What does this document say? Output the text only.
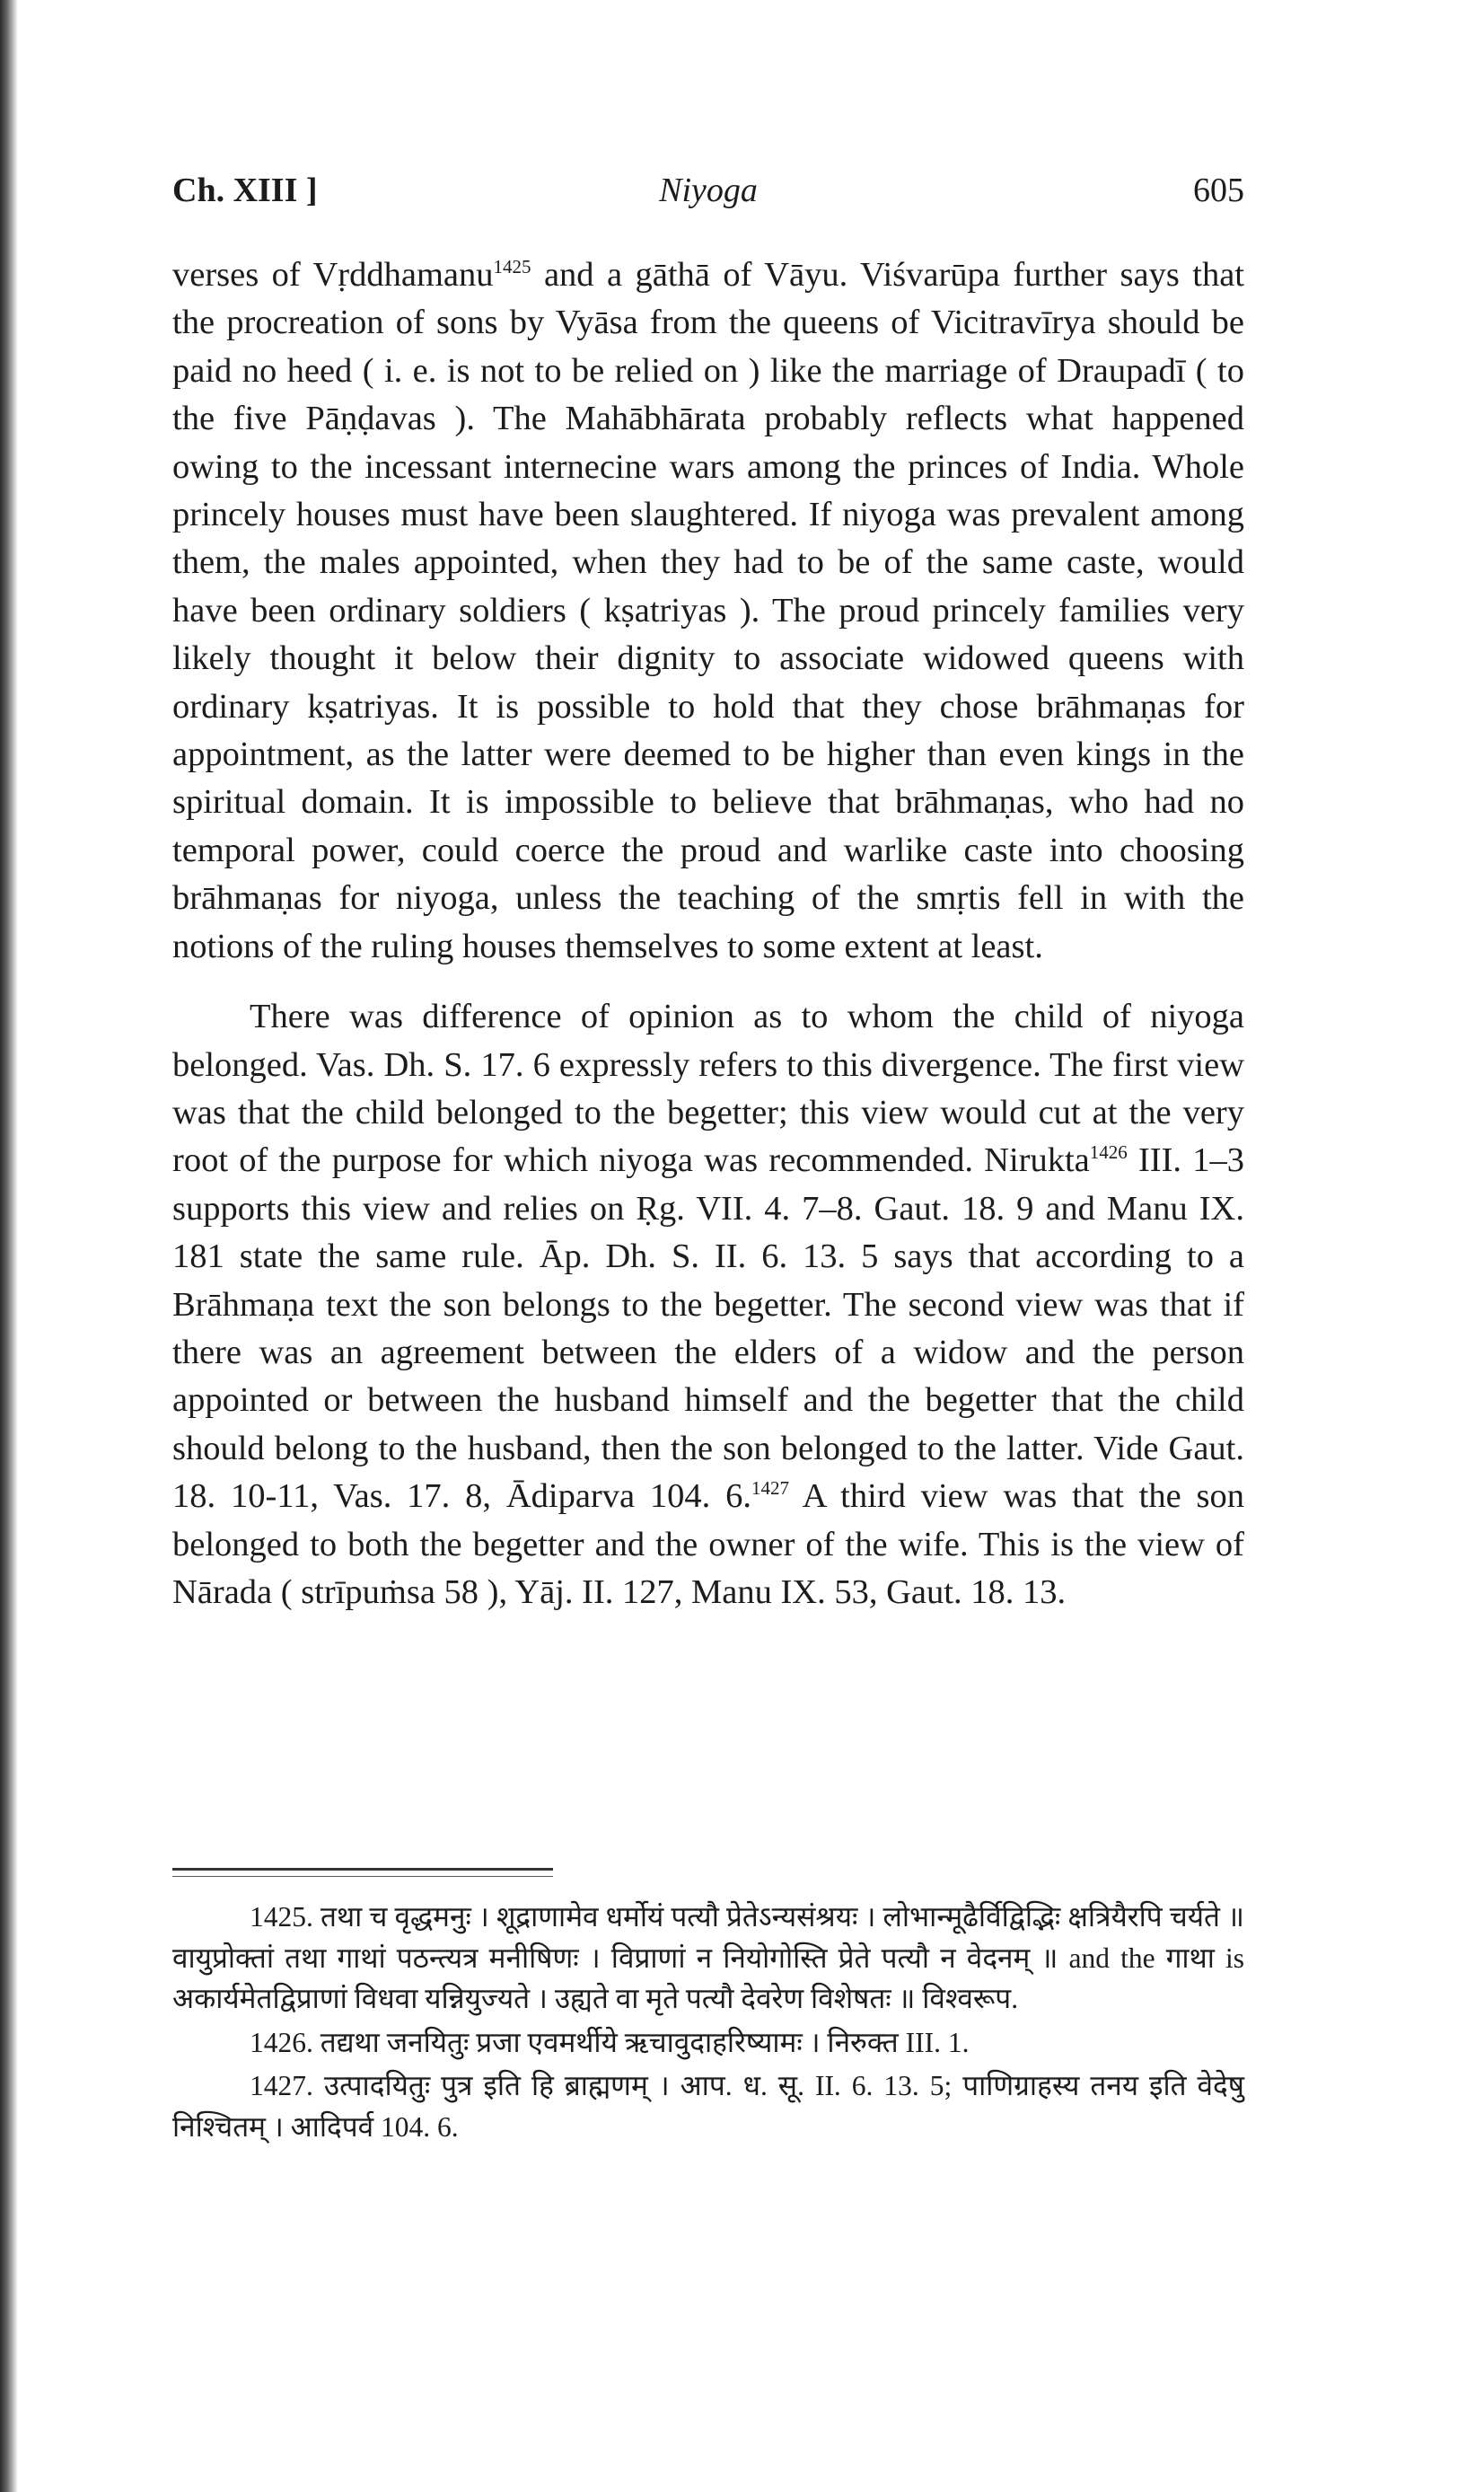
Ch. XIII ]	Niyoga	605

verses of Vṛddhamanu$^{1425}$ and a gāthā of Vāyu. Viśvarūpa further says that the procreation of sons by Vyāsa from the queens of Vicitravīrya should be paid no heed ( i. e. is not to be relied on ) like the marriage of Draupadī ( to the five Pāṇḍavas ). The Mahābhārata probably reflects what happened owing to the incessant internecine wars among the princes of India. Whole princely houses must have been slaughtered. If niyoga was prevalent among them, the males appointed, when they had to be of the same caste, would have been ordinary soldiers ( kṣatriyas ). The proud princely families very likely thought it below their dignity to associate widowed queens with ordinary kṣatriyas. It is possible to hold that they chose brāhmaṇas for appointment, as the latter were deemed to be higher than even kings in the spiritual domain. It is impossible to believe that brāhmaṇas, who had no temporal power, could coerce the proud and warlike caste into choosing brāhmaṇas for niyoga, unless the teaching of the smṛtis fell in with the notions of the ruling houses themselves to some extent at least.

There was difference of opinion as to whom the child of niyoga belonged. Vas. Dh. S. 17. 6 expressly refers to this divergence. The first view was that the child belonged to the begetter; this view would cut at the very root of the purpose for which niyoga was recommended. Nirukta$^{1426}$ III. 1–3 supports this view and relies on Ṛg. VII. 4. 7–8. Gaut. 18. 9 and Manu IX. 181 state the same rule. Āp. Dh. S. II. 6. 13. 5 says that according to a Brāhmaṇa text the son belongs to the begetter. The second view was that if there was an agreement between the elders of a widow and the person appointed or between the husband himself and the begetter that the child should belong to the husband, then the son belonged to the latter. Vide Gaut. 18. 10-11, Vas. 17. 8, Ādiparva 104. 6.$^{1427}$ A third view was that the son belonged to both the begetter and the owner of the wife. This is the view of Nārada ( strīpuṁsa 58 ), Yāj. II. 127, Manu IX. 53, Gaut. 18. 13.

1425. तथा च वृद्धमनुः । शूद्राणामेव धर्मोयं पत्यौ प्रेतेऽन्यसंश्रयः । लोभान्मूढैर्विद्विद्भिः क्षत्रियैरपि चर्यते ॥ वायुप्रोक्तां तथा गाथां पठन्त्यत्र मनीषिणः । विप्राणां न नियोगोस्ति प्रेते पत्यौ न वेदनम् ॥ and the गाथा is अकार्यमेतद्विप्राणां विधवा यन्नियुज्यते । उह्यते वा मृते पत्यौ देवरेण विशेषतः ॥ विश्वरूप.

1426. तद्यथा जनयितुः प्रजा एवमर्थीये ऋचावुदाहरिष्यामः । निरुक्त III. 1.

1427. उत्पादयितुः पुत्र इति हि ब्राह्मणम् । आप. ध. सू. II. 6. 13. 5; पाणिग्राहस्य तनय इति वेदेषु निश्चितम् । आदिपर्व 104. 6.
